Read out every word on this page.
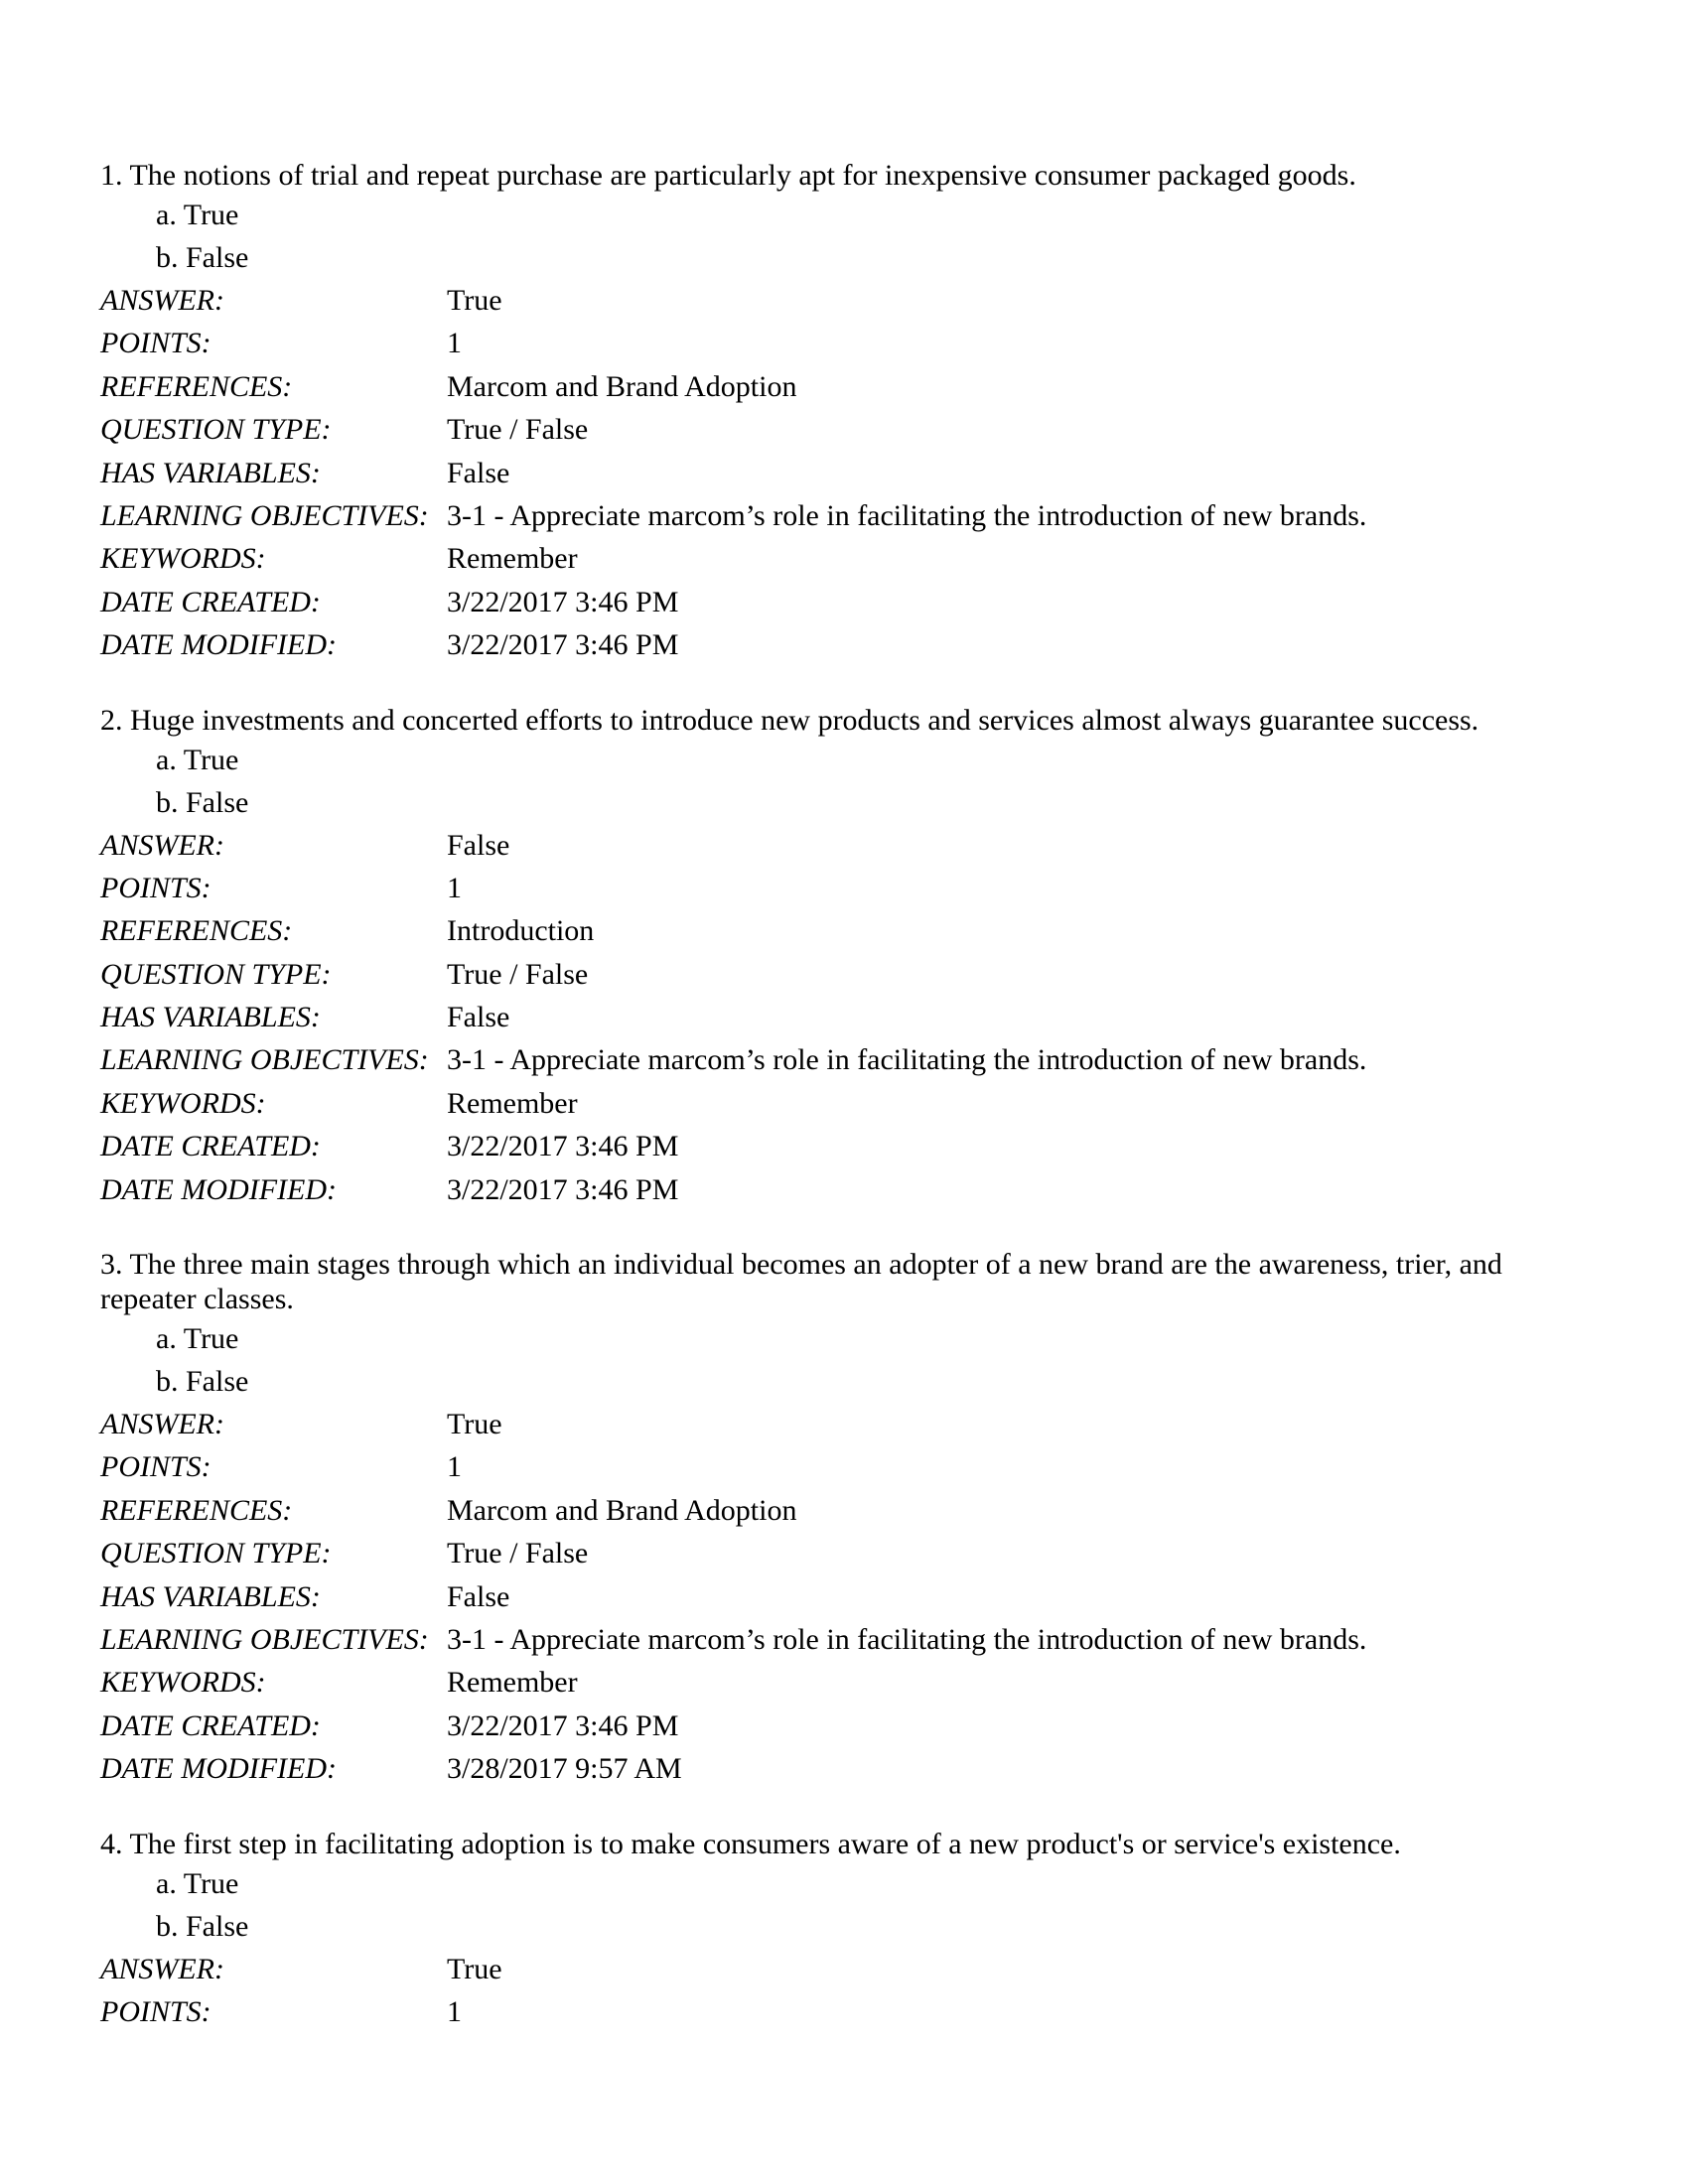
1. The notions of trial and repeat purchase are particularly apt for inexpensive consumer packaged goods.

a. True
b. False
ANSWER:	True
POINTS:	1
REFERENCES:	Marcom and Brand Adoption
QUESTION TYPE:	True / False
HAS VARIABLES:	False
LEARNING OBJECTIVES: 3-1 - Appreciate marcom’s role in facilitating the introduction of new brands.
KEYWORDS:	Remember
DATE CREATED:	3/22/2017 3:46 PM
DATE MODIFIED:	3/22/2017 3:46 PM

2. Huge investments and concerted efforts to introduce new products and services almost always guarantee success.

a. True
b. False
ANSWER:	False
POINTS:	1
REFERENCES:	Introduction
QUESTION TYPE:	True / False
HAS VARIABLES:	False
LEARNING OBJECTIVES: 3-1 - Appreciate marcom’s role in facilitating the introduction of new brands.
KEYWORDS:	Remember
DATE CREATED:	3/22/2017 3:46 PM
DATE MODIFIED:	3/22/2017 3:46 PM

3. The three main stages through which an individual becomes an adopter of a new brand are the awareness, trier, and repeater classes.

a. True
b. False
ANSWER:	True
POINTS:	1
REFERENCES:	Marcom and Brand Adoption
QUESTION TYPE:	True / False
HAS VARIABLES:	False
LEARNING OBJECTIVES: 3-1 - Appreciate marcom’s role in facilitating the introduction of new brands.
KEYWORDS:	Remember
DATE CREATED:	3/22/2017 3:46 PM
DATE MODIFIED:	3/28/2017 9:57 AM

4. The first step in facilitating adoption is to make consumers aware of a new product's or service's existence.

a. True
b. False
ANSWER:	True
POINTS:	1
